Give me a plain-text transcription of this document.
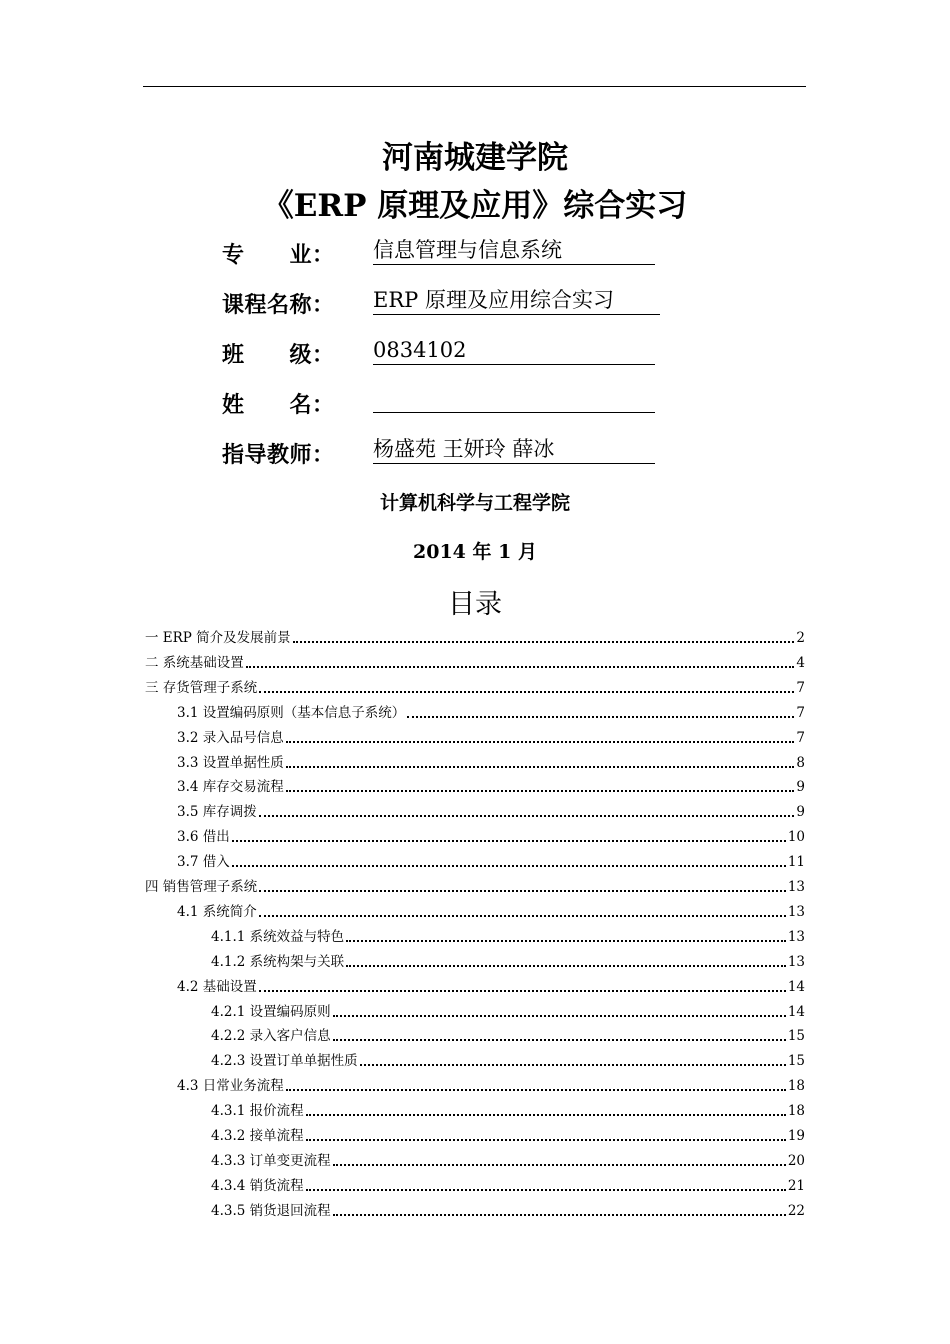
河南城建学院
《ERP 原理及应用》综合实习
专　　业： 信息管理与信息系统
课程名称： ERP 原理及应用综合实习
班　　级： 0834102
姓　　名：
指导教师： 杨盛苑 王妍玲 薛冰
计算机科学与工程学院
2014 年 1 月
目录
一 ERP 简介及发展前景	2
二 系统基础设置	4
三 存货管理子系统	7
3.1 设置编码原则（基本信息子系统）	7
3.2 录入品号信息	7
3.3 设置单据性质	8
3.4 库存交易流程	9
3.5 库存调拨	9
3.6 借出	10
3.7 借入	11
四 销售管理子系统	13
4.1 系统简介	13
4.1.1 系统效益与特色	13
4.1.2 系统构架与关联	13
4.2 基础设置	14
4.2.1 设置编码原则	14
4.2.2 录入客户信息	15
4.2.3 设置订单单据性质	15
4.3 日常业务流程	18
4.3.1 报价流程	18
4.3.2 接单流程	19
4.3.3 订单变更流程	20
4.3.4 销货流程	21
4.3.5 销货退回流程	22
